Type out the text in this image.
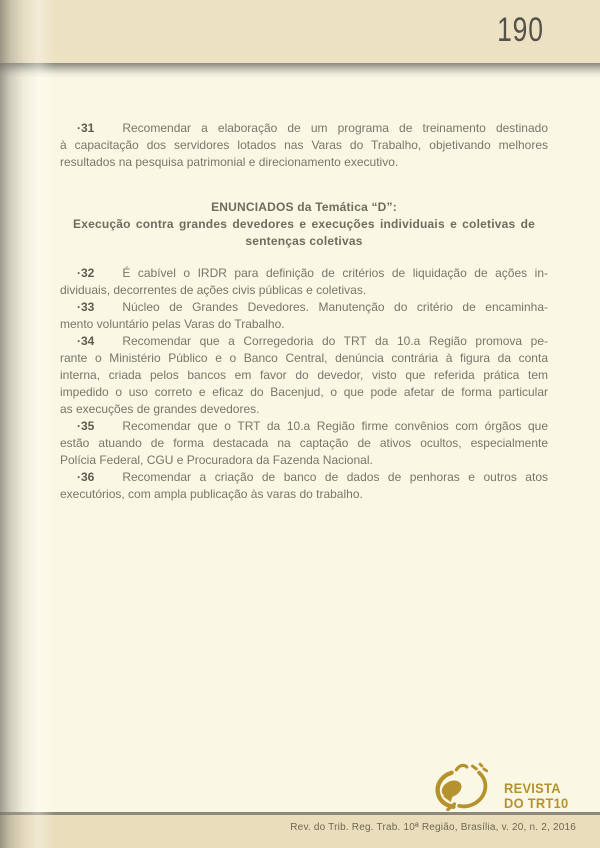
190
·31 Recomendar a elaboração de um programa de treinamento destinado
à capacitação dos servidores lotados nas Varas do Trabalho, objetivando melhores
resultados na pesquisa patrimonial e direcionamento executivo.
ENUNCIADOS da Temática “D”:
Execução contra grandes devedores e execuções individuais e coletivas de
sentenças coletivas
·32 É cabível o IRDR para definição de critérios de liquidação de ações in-
dividuais, decorrentes de ações civis públicas e coletivas.
·33 Núcleo de Grandes Devedores. Manutenção do critério de encaminha-
mento voluntário pelas Varas do Trabalho.
·34 Recomendar que a Corregedoria do TRT da 10.a Região promova pe-
rante o Ministério Público e o Banco Central, denúncia contrária à figura da conta
interna, criada pelos bancos em favor do devedor, visto que referida prática tem
impedido o uso correto e eficaz do Bacenjud, o que pode afetar de forma particular
as execuções de grandes devedores.
·35 Recomendar que o TRT da 10.a Região firme convênios com órgãos que
estão atuando de forma destacada na captação de ativos ocultos, especialmente
Polícia Federal, CGU e Procuradora da Fazenda Nacional.
·36 Recomendar a criação de banco de dados de penhoras e outros atos
executórios, com ampla publicação às varas do trabalho.
REVISTA
DO TRT10
Rev. do Trib. Reg. Trab. 10ª Região, Brasília, v. 20, n. 2, 2016
